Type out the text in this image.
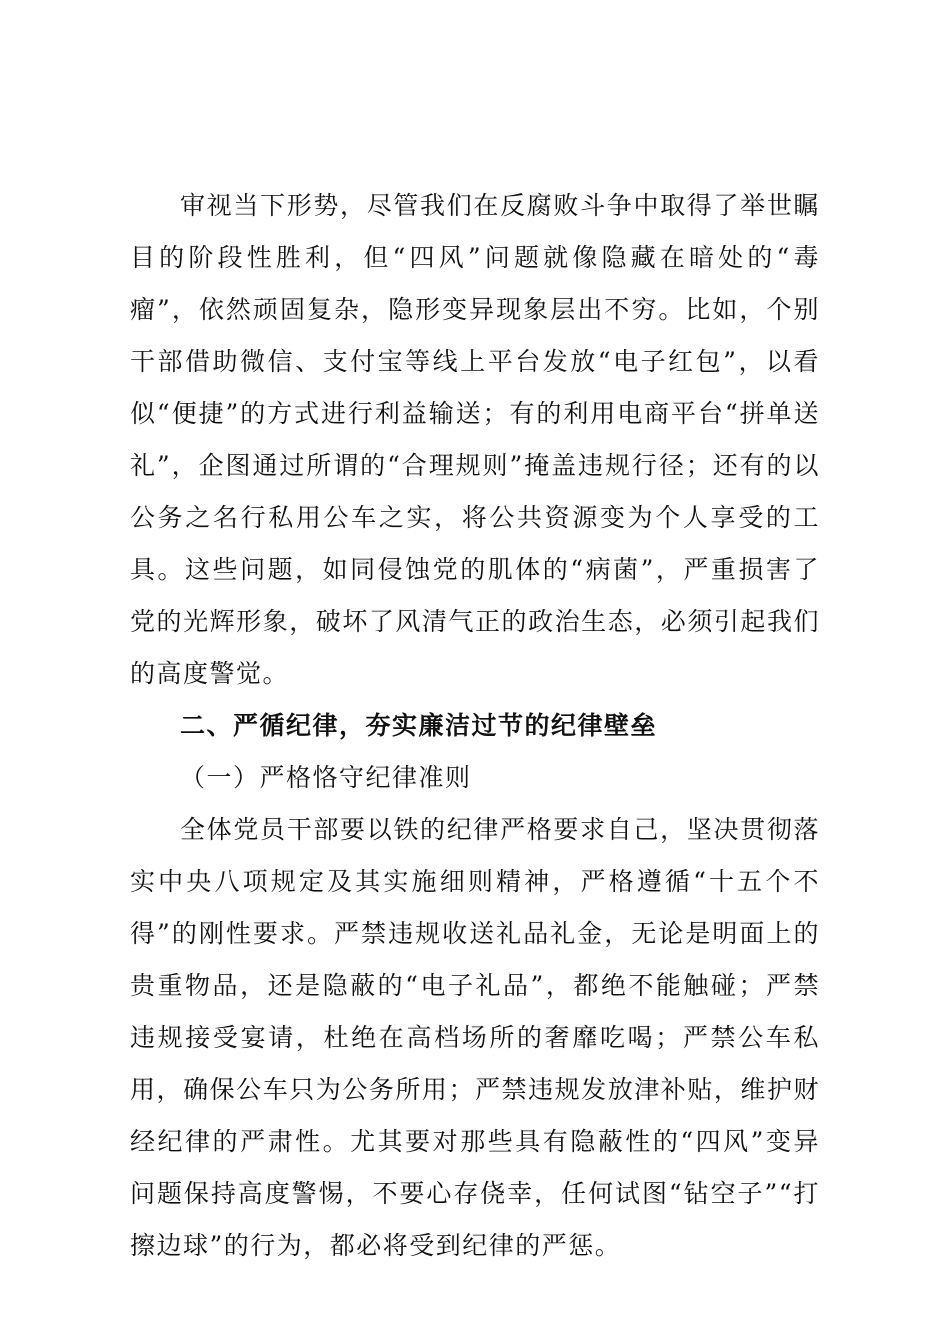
审视当下形势，尽管我们在反腐败斗争中取得了举世瞩目的阶段性胜利，但“四风”问题就像隐藏在暗处的“毒瘤”，依然顽固复杂，隐形变异现象层出不穷。比如，个别干部借助微信、支付宝等线上平台发放“电子红包”，以看似“便捷”的方式进行利益输送；有的利用电商平台“拼单送礼”，企图通过所谓的“合理规则”掩盖违规行径；还有的以公务之名行私用公车之实，将公共资源变为个人享受的工具。这些问题，如同侵蚀党的肌体的“病菌”，严重损害了党的光辉形象，破坏了风清气正的政治生态，必须引起我们的高度警觉。

二、严循纪律，夯实廉洁过节的纪律壁垒

（一）严格恪守纪律准则

全体党员干部要以铁的纪律严格要求自己，坚决贯彻落实中央八项规定及其实施细则精神，严格遵循“十五个不得”的刚性要求。严禁违规收送礼品礼金，无论是明面上的贵重物品，还是隐蔽的“电子礼品”，都绝不能触碰；严禁违规接受宴请，杜绝在高档场所的奢靡吃喝；严禁公车私用，确保公车只为公务所用；严禁违规发放津补贴，维护财经纪律的严肃性。尤其要对那些具有隐蔽性的“四风”变异问题保持高度警惕，不要心存侥幸，任何试图“钻空子”“打擦边球”的行为，都必将受到纪律的严惩。
